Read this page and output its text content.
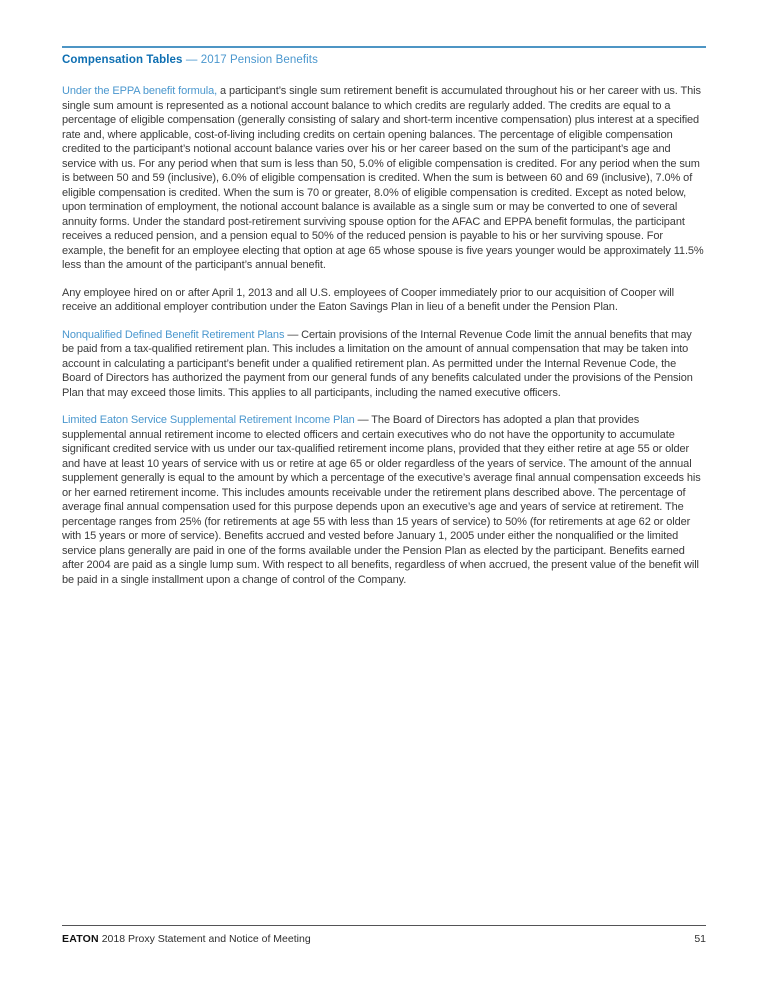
Compensation Tables — 2017 Pension Benefits

Under the EPPA benefit formula, a participant’s single sum retirement benefit is accumulated throughout his or her career with us. This single sum amount is represented as a notional account balance to which credits are regularly added. The credits are equal to a percentage of eligible compensation (generally consisting of salary and short-term incentive compensation) plus interest at a specified rate and, where applicable, cost-of-living including credits on certain opening balances. The percentage of eligible compensation credited to the participant’s notional account balance varies over his or her career based on the sum of the participant’s age and service with us. For any period when that sum is less than 50, 5.0% of eligible compensation is credited. For any period when the sum is between 50 and 59 (inclusive), 6.0% of eligible compensation is credited. When the sum is between 60 and 69 (inclusive), 7.0% of eligible compensation is credited. When the sum is 70 or greater, 8.0% of eligible compensation is credited. Except as noted below, upon termination of employment, the notional account balance is available as a single sum or may be converted to one of several annuity forms. Under the standard post-retirement surviving spouse option for the AFAC and EPPA benefit formulas, the participant receives a reduced pension, and a pension equal to 50% of the reduced pension is payable to his or her surviving spouse. For example, the benefit for an employee electing that option at age 65 whose spouse is five years younger would be approximately 11.5% less than the amount of the participant’s annual benefit.

Any employee hired on or after April 1, 2013 and all U.S. employees of Cooper immediately prior to our acquisition of Cooper will receive an additional employer contribution under the Eaton Savings Plan in lieu of a benefit under the Pension Plan.

Nonqualified Defined Benefit Retirement Plans — Certain provisions of the Internal Revenue Code limit the annual benefits that may be paid from a tax-qualified retirement plan. This includes a limitation on the amount of annual compensation that may be taken into account in calculating a participant’s benefit under a qualified retirement plan. As permitted under the Internal Revenue Code, the Board of Directors has authorized the payment from our general funds of any benefits calculated under the provisions of the Pension Plan that may exceed those limits. This applies to all participants, including the named executive officers.

Limited Eaton Service Supplemental Retirement Income Plan — The Board of Directors has adopted a plan that provides supplemental annual retirement income to elected officers and certain executives who do not have the opportunity to accumulate significant credited service with us under our tax-qualified retirement income plans, provided that they either retire at age 55 or older and have at least 10 years of service with us or retire at age 65 or older regardless of the years of service. The amount of the annual supplement generally is equal to the amount by which a percentage of the executive’s average final annual compensation exceeds his or her earned retirement income. This includes amounts receivable under the retirement plans described above. The percentage of average final annual compensation used for this purpose depends upon an executive’s age and years of service at retirement. The percentage ranges from 25% (for retirements at age 55 with less than 15 years of service) to 50% (for retirements at age 62 or older with 15 years or more of service). Benefits accrued and vested before January 1, 2005 under either the nonqualified or the limited service plans generally are paid in one of the forms available under the Pension Plan as elected by the participant. Benefits earned after 2004 are paid as a single lump sum. With respect to all benefits, regardless of when accrued, the present value of the benefit will be paid in a single installment upon a change of control of the Company.

EATON 2018 Proxy Statement and Notice of Meeting	51
